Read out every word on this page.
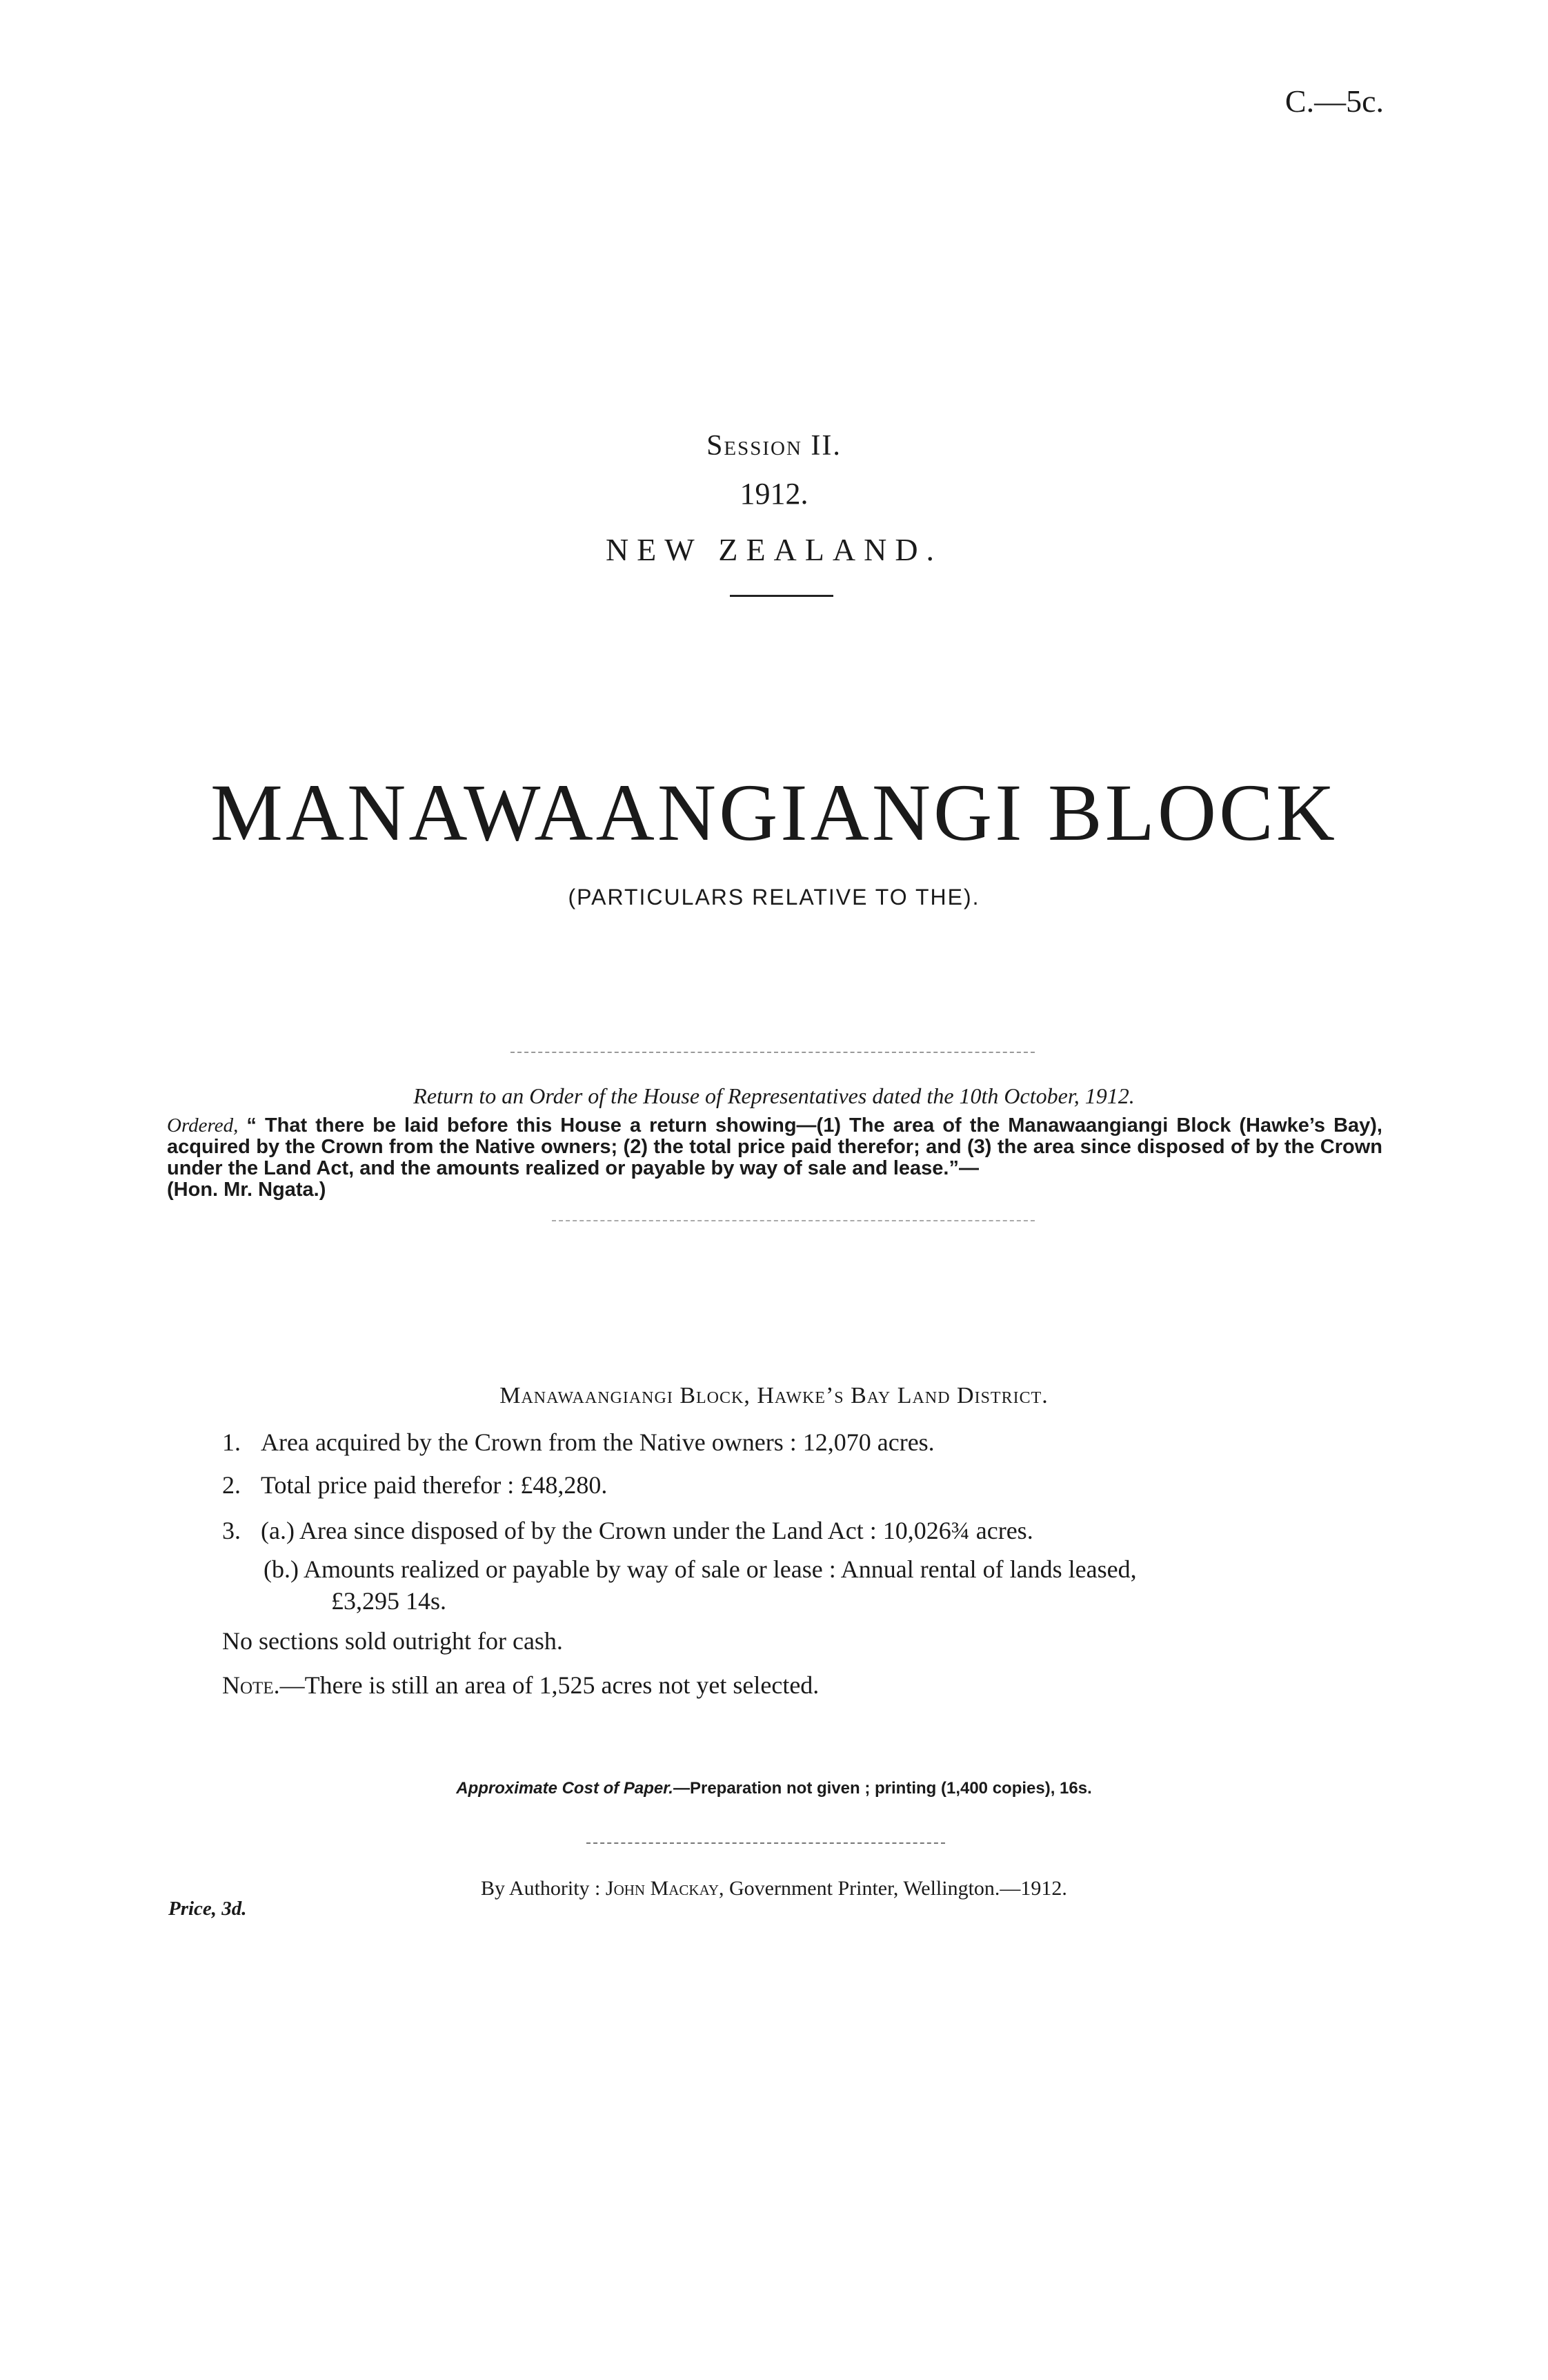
C.—5c.
Session II.
1912.
NEW ZEALAND.
MANAWAANGIANGI BLOCK
(PARTICULARS RELATIVE TO THE).
Return to an Order of the House of Representatives dated the 10th October, 1912.
Ordered, “ That there be laid before this House a return showing—(1) The area of the Manawaangiangi Block (Hawke’s Bay), acquired by the Crown from the Native owners; (2) the total price paid therefor; and (3) the area since disposed of by the Crown under the Land Act, and the amounts realized or payable by way of sale and lease.”—
(Hon. Mr. Ngata.)
Manawaangiangi Block, Hawke’s Bay Land District.
1. Area acquired by the Crown from the Native owners : 12,070 acres.
2. Total price paid therefor : £48,280.
3. (a.) Area since disposed of by the Crown under the Land Act : 10,026¾ acres.
(b.) Amounts realized or payable by way of sale or lease : Annual rental of lands leased,
£3,295 14s.
No sections sold outright for cash.
Note.—There is still an area of 1,525 acres not yet selected.
Approximate Cost of Paper.—Preparation not given ; printing (1,400 copies), 16s.
By Authority : John Mackay, Government Printer, Wellington.—1912.
Price, 3d.
